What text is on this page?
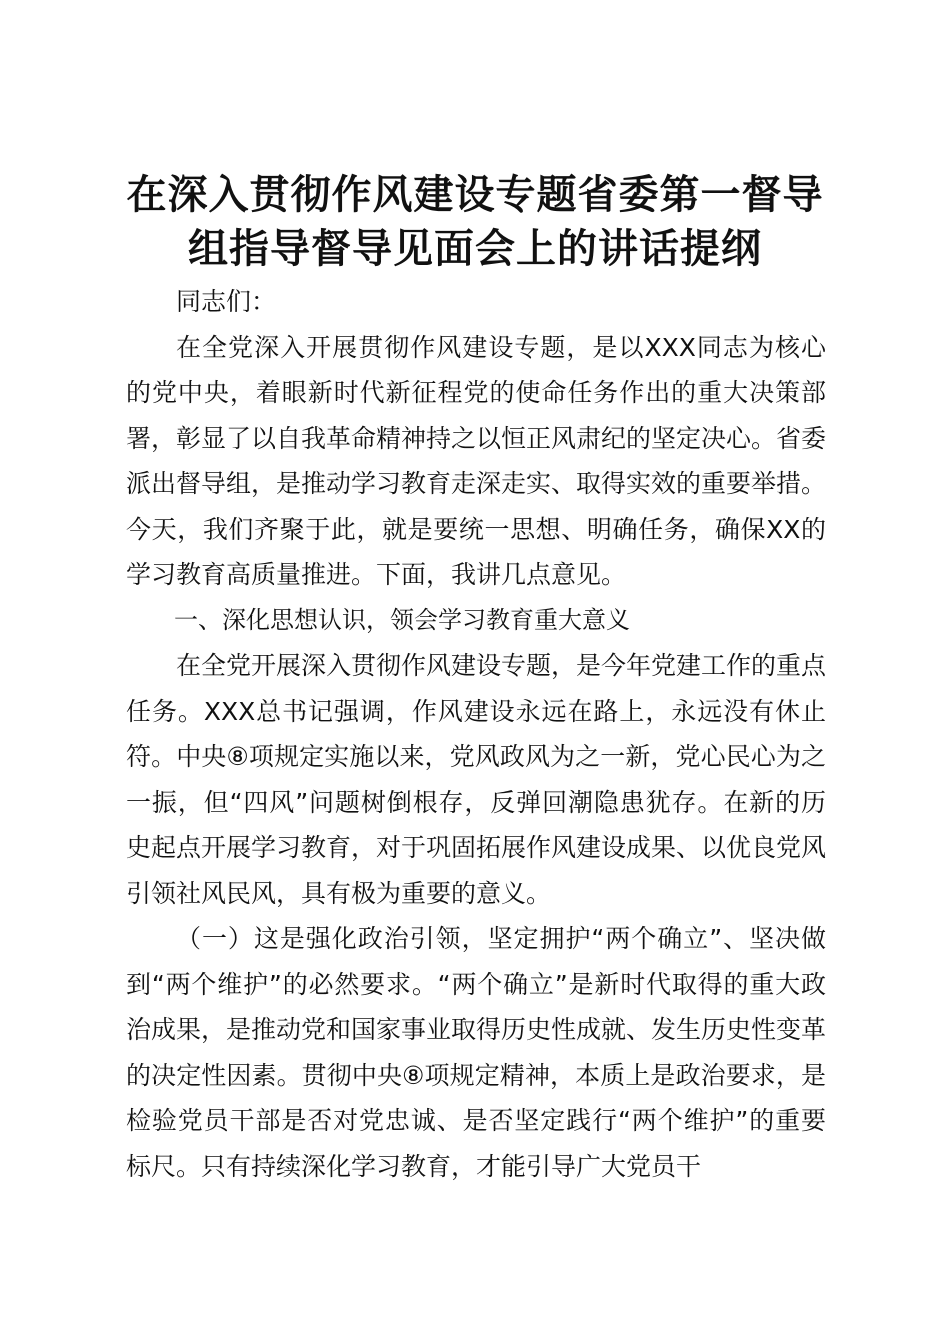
在深入贯彻作风建设专题省委第一督导组指导督导见面会上的讲话提纲

同志们：

在全党深入开展贯彻作风建设专题，是以XXX同志为核心的党中央，着眼新时代新征程党的使命任务作出的重大决策部署，彰显了以自我革命精神持之以恒正风肃纪的坚定决心。省委派出督导组，是推动学习教育走深走实、取得实效的重要举措。今天，我们齐聚于此，就是要统一思想、明确任务，确保XX的学习教育高质量推进。下面，我讲几点意见。

一、深化思想认识，领会学习教育重大意义

在全党开展深入贯彻作风建设专题，是今年党建工作的重点任务。XXX总书记强调，作风建设永远在路上，永远没有休止符。中央⑧项规定实施以来，党风政风为之一新，党心民心为之一振，但“四风”问题树倒根存，反弹回潮隐患犹存。在新的历史起点开展学习教育，对于巩固拓展作风建设成果、以优良党风引领社风民风，具有极为重要的意义。

（一）这是强化政治引领，坚定拥护“两个确立”、坚决做到“两个维护”的必然要求。“两个确立”是新时代取得的重大政治成果，是推动党和国家事业取得历史性成就、发生历史性变革的决定性因素。贯彻中央⑧项规定精神，本质上是政治要求，是检验党员干部是否对党忠诚、是否坚定践行“两个维护”的重要标尺。只有持续深化学习教育，才能引导广大党员干
